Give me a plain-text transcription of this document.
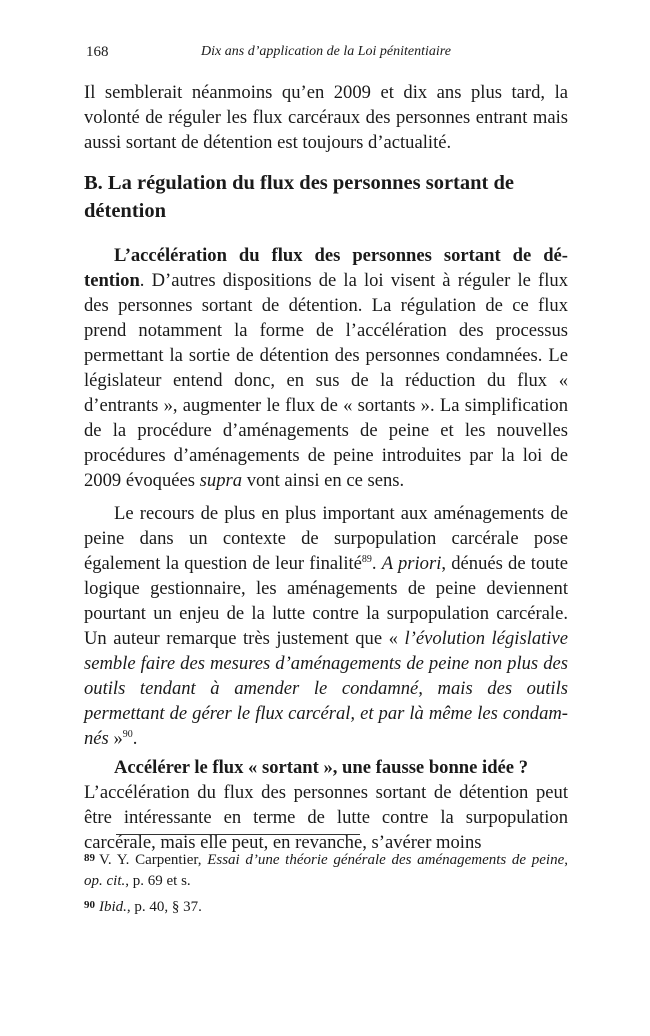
168	Dix ans d’application de la Loi pénitentiaire

Il semblerait néanmoins qu’en 2009 et dix ans plus tard, la volonté de réguler les flux carcéraux des personnes entrant mais aussi sortant de détention est toujours d’actualité.

B. La régulation du flux des personnes sortant de détention

L’accélération du flux des personnes sortant de détention. D’autres dispositions de la loi visent à réguler le flux des personnes sortant de détention. La régulation de ce flux prend notamment la forme de l’accélération des processus permettant la sortie de détention des personnes condamnées. Le législateur entend donc, en sus de la réduction du flux « d’entrants », augmenter le flux de « sortants ». La simplification de la procédure d’aménagements de peine et les nouvelles procédures d’aménagements de peine introduites par la loi de 2009 évoquées supra vont ainsi en ce sens.

Le recours de plus en plus important aux aménagements de peine dans un contexte de surpopulation carcérale pose également la question de leur finalité$^{89}$. A priori, dénués de toute logique gestionnaire, les aménagements de peine deviennent pourtant un enjeu de la lutte contre la surpopulation carcérale. Un auteur remarque très justement que « l’évolution législative semble faire des mesures d’aménagements de peine non plus des outils tendant à amender le condamné, mais des outils permettant de gérer le flux carcéral, et par là même les condamnés »$^{90}$.

Accélérer le flux « sortant », une fausse bonne idée ?

L’accélération du flux des personnes sortant de détention peut être intéressante en terme de lutte contre la surpopulation carcérale, mais elle peut, en revanche, s’avérer moins

$^{89}$ V. Y. Carpentier, Essai d’une théorie générale des aménagements de peine, op. cit., p. 69 et s.

$^{90}$ Ibid., p. 40, § 37.
